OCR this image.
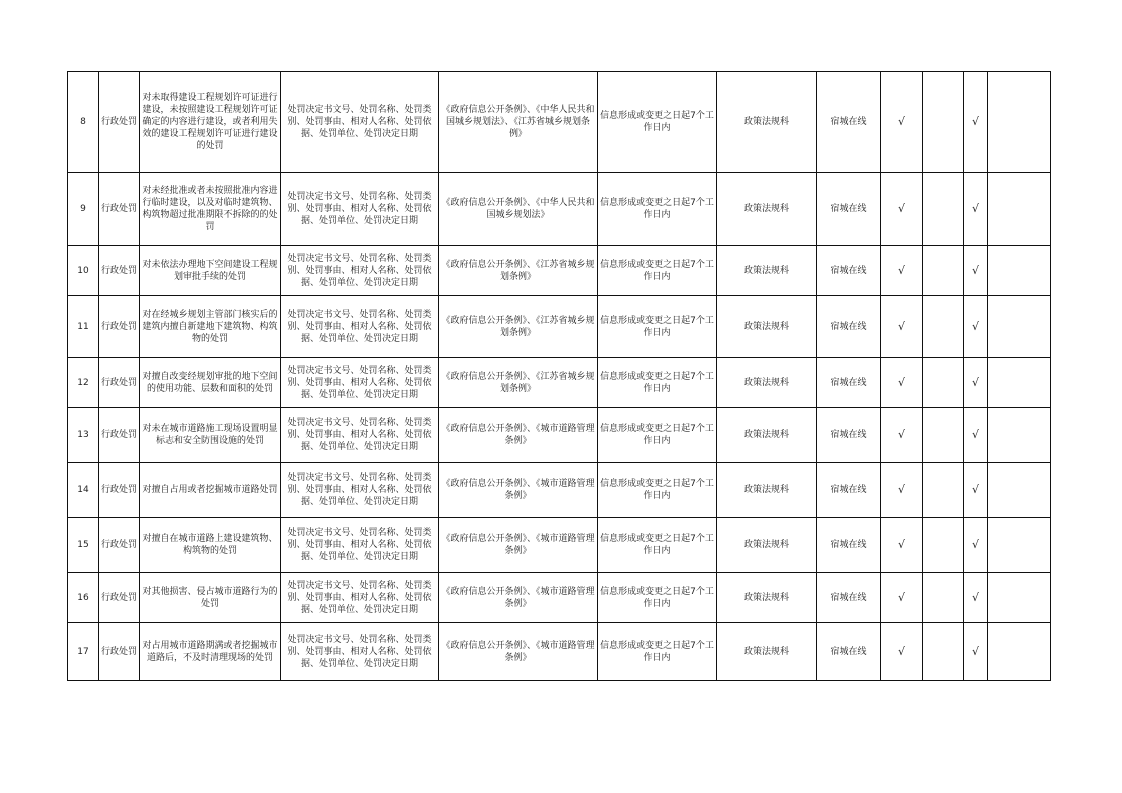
8	行政处罚	对未取得建设工程规划许可证进行建设，未按照建设工程规划许可证确定的内容进行建设，或者利用失效的建设工程规划许可证进行建设的处罚	处罚决定书文号、处罚名称、处罚类别、处罚事由、相对人名称、处罚依据、处罚单位、处罚决定日期	《政府信息公开条例》、《中华人民共和国城乡规划法》、《江苏省城乡规划条例》	信息形成或变更之日起7个工作日内	政策法规科	宿城在线	√		√	
9	行政处罚	对未经批准或者未按照批准内容进行临时建设，以及对临时建筑物、构筑物超过批准期限不拆除的的处罚	处罚决定书文号、处罚名称、处罚类别、处罚事由、相对人名称、处罚依据、处罚单位、处罚决定日期	《政府信息公开条例》、《中华人民共和国城乡规划法》	信息形成或变更之日起7个工作日内	政策法规科	宿城在线	√		√	
10	行政处罚	对未依法办理地下空间建设工程规划审批手续的处罚	处罚决定书文号、处罚名称、处罚类别、处罚事由、相对人名称、处罚依据、处罚单位、处罚决定日期	《政府信息公开条例》、《江苏省城乡规划条例》	信息形成或变更之日起7个工作日内	政策法规科	宿城在线	√		√	
11	行政处罚	对在经城乡规划主管部门核实后的建筑内擅自新建地下建筑物、构筑物的处罚	处罚决定书文号、处罚名称、处罚类别、处罚事由、相对人名称、处罚依据、处罚单位、处罚决定日期	《政府信息公开条例》、《江苏省城乡规划条例》	信息形成或变更之日起7个工作日内	政策法规科	宿城在线	√		√	
12	行政处罚	对擅自改变经规划审批的地下空间的使用功能、层数和面积的处罚	处罚决定书文号、处罚名称、处罚类别、处罚事由、相对人名称、处罚依据、处罚单位、处罚决定日期	《政府信息公开条例》、《江苏省城乡规划条例》	信息形成或变更之日起7个工作日内	政策法规科	宿城在线	√		√	
13	行政处罚	对未在城市道路施工现场设置明显标志和安全防围设施的处罚	处罚决定书文号、处罚名称、处罚类别、处罚事由、相对人名称、处罚依据、处罚单位、处罚决定日期	《政府信息公开条例》、《城市道路管理条例》	信息形成或变更之日起7个工作日内	政策法规科	宿城在线	√		√	
14	行政处罚	对擅自占用或者挖掘城市道路处罚	处罚决定书文号、处罚名称、处罚类别、处罚事由、相对人名称、处罚依据、处罚单位、处罚决定日期	《政府信息公开条例》、《城市道路管理条例》	信息形成或变更之日起7个工作日内	政策法规科	宿城在线	√		√	
15	行政处罚	对擅自在城市道路上建设建筑物、构筑物的处罚	处罚决定书文号、处罚名称、处罚类别、处罚事由、相对人名称、处罚依据、处罚单位、处罚决定日期	《政府信息公开条例》、《城市道路管理条例》	信息形成或变更之日起7个工作日内	政策法规科	宿城在线	√		√	
16	行政处罚	对其他损害、侵占城市道路行为的处罚	处罚决定书文号、处罚名称、处罚类别、处罚事由、相对人名称、处罚依据、处罚单位、处罚决定日期	《政府信息公开条例》、《城市道路管理条例》	信息形成或变更之日起7个工作日内	政策法规科	宿城在线	√		√	
17	行政处罚	对占用城市道路期满或者挖掘城市道路后，不及时清理现场的处罚	处罚决定书文号、处罚名称、处罚类别、处罚事由、相对人名称、处罚依据、处罚单位、处罚决定日期	《政府信息公开条例》、《城市道路管理条例》	信息形成或变更之日起7个工作日内	政策法规科	宿城在线	√		√	
